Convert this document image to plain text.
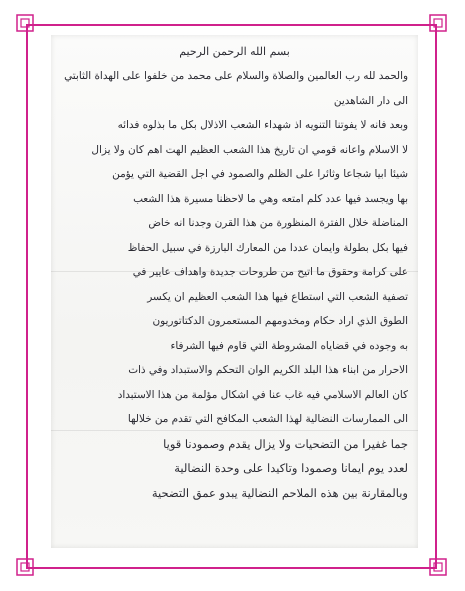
بسم الله الرحمن الرحيم
والحمد لله رب العالمين والصلاة والسلام على محمد من خلفوا على الهداة الثابتي
الى دار الشاهدين
وبعد فانه لا يفوتنا التنويه اذ شهداء الشعب الاذلال بكل ما بذلوه فدائه
لا الاسلام واعانه قومي ان تاريخ هذا الشعب العظيم الهت اهم كان ولا يزال
شيئا ابيا شجاعا وثائرا على الظلم والصمود في اجل القضية التي يؤمن
بها ويجسد فيها عدد كلم امتعه وهي ما لاحظنا مسيرة هذا الشعب
المناضلة خلال الفترة المنظورة من هذا القرن وجدنا انه خاض
فيها بكل بطولة وايمان عددا من المعارك البارزة في سبيل الحفاظ
على كرامة وحقوق ما اتيح من طروحات جديدة واهداف عايير في
تصفية الشعب التي استطاع فيها هذا الشعب العظيم ان يكسر
الطوق الذي اراد حكام ومخدومهم المستعمرون الدكتاتوريون
به وجوده في قضاياه المشروطة التي قاوم فيها الشرفاء
الاحرار من ابناء هذا البلد الكريم الوان التحكم والاستبداد وفي ذات
كان العالم الاسلامي فيه غاب عنا في اشكال مؤلمة من هذا الاستبداد
الى الممارسات النضالية لهذا الشعب المكافح التي تقدم من خلالها
جما غفيرا من التضحيات ولا يزال يقدم وصمودنا قويا
لعدد يوم ايمانا وصمودا وتاكيدا على وحدة النضالية
وبالمقارنة بين هذه الملاحم النضالية يبدو عمق التضحية
